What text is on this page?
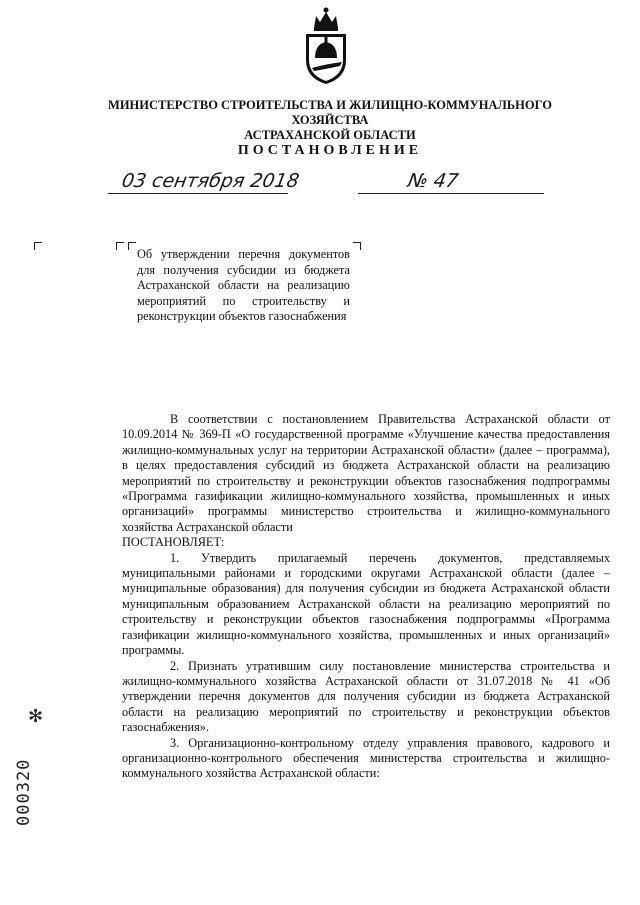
МИНИСТЕРСТВО СТРОИТЕЛЬСТВА И ЖИЛИЩНО-КОММУНАЛЬНОГО ХОЗЯЙСТВА
АСТРАХАНСКОЙ ОБЛАСТИ
ПОСТАНОВЛЕНИЕ
03 сентября 2018	№ 47
Об утверждении перечня документов для получения субсидии из бюджета Астраханской области на реализацию мероприятий по строительству и реконструкции объектов газоснабжения

В соответствии с постановлением Правительства Астраханской области от 10.09.2014 № 369-П «О государственной программе «Улучшение качества предоставления жилищно-коммунальных услуг на территории Астраханской области» (далее – программа), в целях предоставления субсидий из бюджета Астраханской области на реализацию мероприятий по строительству и реконструкции объектов газоснабжения подпрограммы «Программа газификации жилищно-коммунального хозяйства, промышленных и иных организаций» программы министерство строительства и жилищно-коммунального хозяйства Астраханской области

ПОСТАНОВЛЯЕТ:

1. Утвердить прилагаемый перечень документов, представляемых муниципальными районами и городскими округами Астраханской области (далее – муниципальные образования) для получения субсидии из бюджета Астраханской области муниципальным образованием Астраханской области на реализацию мероприятий по строительству и реконструкции объектов газоснабжения подпрограммы «Программа газификации жилищно-коммунального хозяйства, промышленных и иных организаций» программы.

2. Признать утратившим силу постановление министерства строительства и жилищно-коммунального хозяйства Астраханской области от 31.07.2018 № 41 «Об утверждении перечня документов для получения субсидии из бюджета Астраханской области на реализацию мероприятий по строительству и реконструкции объектов газоснабжения».

3. Организационно-контрольному отделу управления правового, кадрового и организационно-контрольного обеспечения министерства строительства и жилищно-коммунального хозяйства Астраханской области:

✻
000320
